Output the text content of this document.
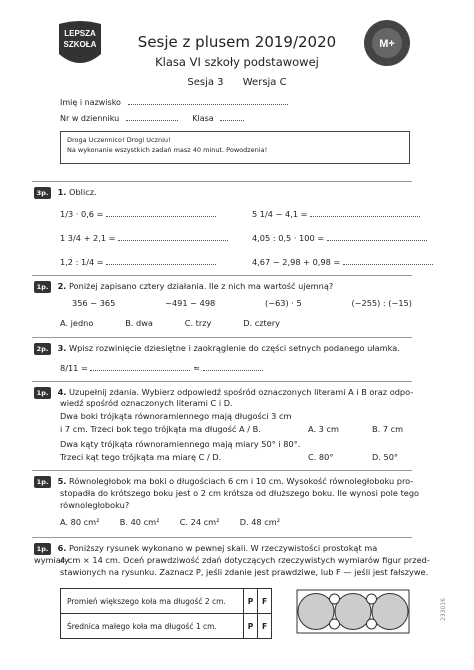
LEPSZA
SZKOŁA	M+
Sesje z plusem 2019/2020
Klasa VI szkoły podstawowej
Sesja 3 Wersja C
Imię i nazwisko
Nr w dzienniku	Klasa
Droga Uczennico! Drogi Uczniu!
Na wykonanie wszystkich zadań masz 40 minut. Powodzenia!
3p. 1. Oblicz.
1/3 · 0,6 =	5 1/4 − 4,1 =
1 3/4 + 2,1 =	4,05 : 0,5 · 100 =
1,2 : 1/4 =	4,67 − 2,98 + 0,98 =
1p. 2. Poniżej zapisano cztery działania. Ile z nich ma wartość ujemną?
356 − 365	−491 − 498	(−63) · 5	(−255) : (−15)
A. jedno	B. dwa	C. trzy	D. cztery
2p. 3. Wpisz rozwinięcie dziesiętne i zaokrąglenie do części setnych podanego ułamka.
8/11 =	≈
1p. 4. Uzupełnij zdania. Wybierz odpowiedź spośród oznaczonych literami A i B oraz odpo-
wiedź spośród oznaczonych literami C i D.
Dwa boki trójkąta równoramiennego mają długości 3 cm
i 7 cm. Trzeci bok tego trójkąta ma długość A / B.	A. 3 cm	B. 7 cm
Dwa kąty trójkąta równoramiennego mają miary 50° i 80°.
Trzeci kąt tego trójkąta ma miarę C / D.	C. 80°	D. 50°
1p. 5. Równoległobok ma boki o długościach 6 cm i 10 cm. Wysokość równoległoboku pro-
stopadła do krótszego boku jest o 2 cm krótsza od dłuższego boku. Ile wynosi pole tego
równoległoboku?
A. 80 cm² B. 40 cm² C. 24 cm² D. 48 cm²
1p. 6. Poniższy rysunek wykonano w pewnej skali. W rzeczywistości prostokąt ma wymiary
4 cm × 14 cm. Oceń prawdziwość zdań dotyczących rzeczywistych wymiarów figur przed-
stawionych na rysunku. Zaznacz P, jeśli zdanie jest prawdziwe, lub F — jeśli jest fałszywe.
Promień większego koła ma długość 2 cm.	P	F
Średnica małego koła ma długość 1 cm.	P	F
233016
